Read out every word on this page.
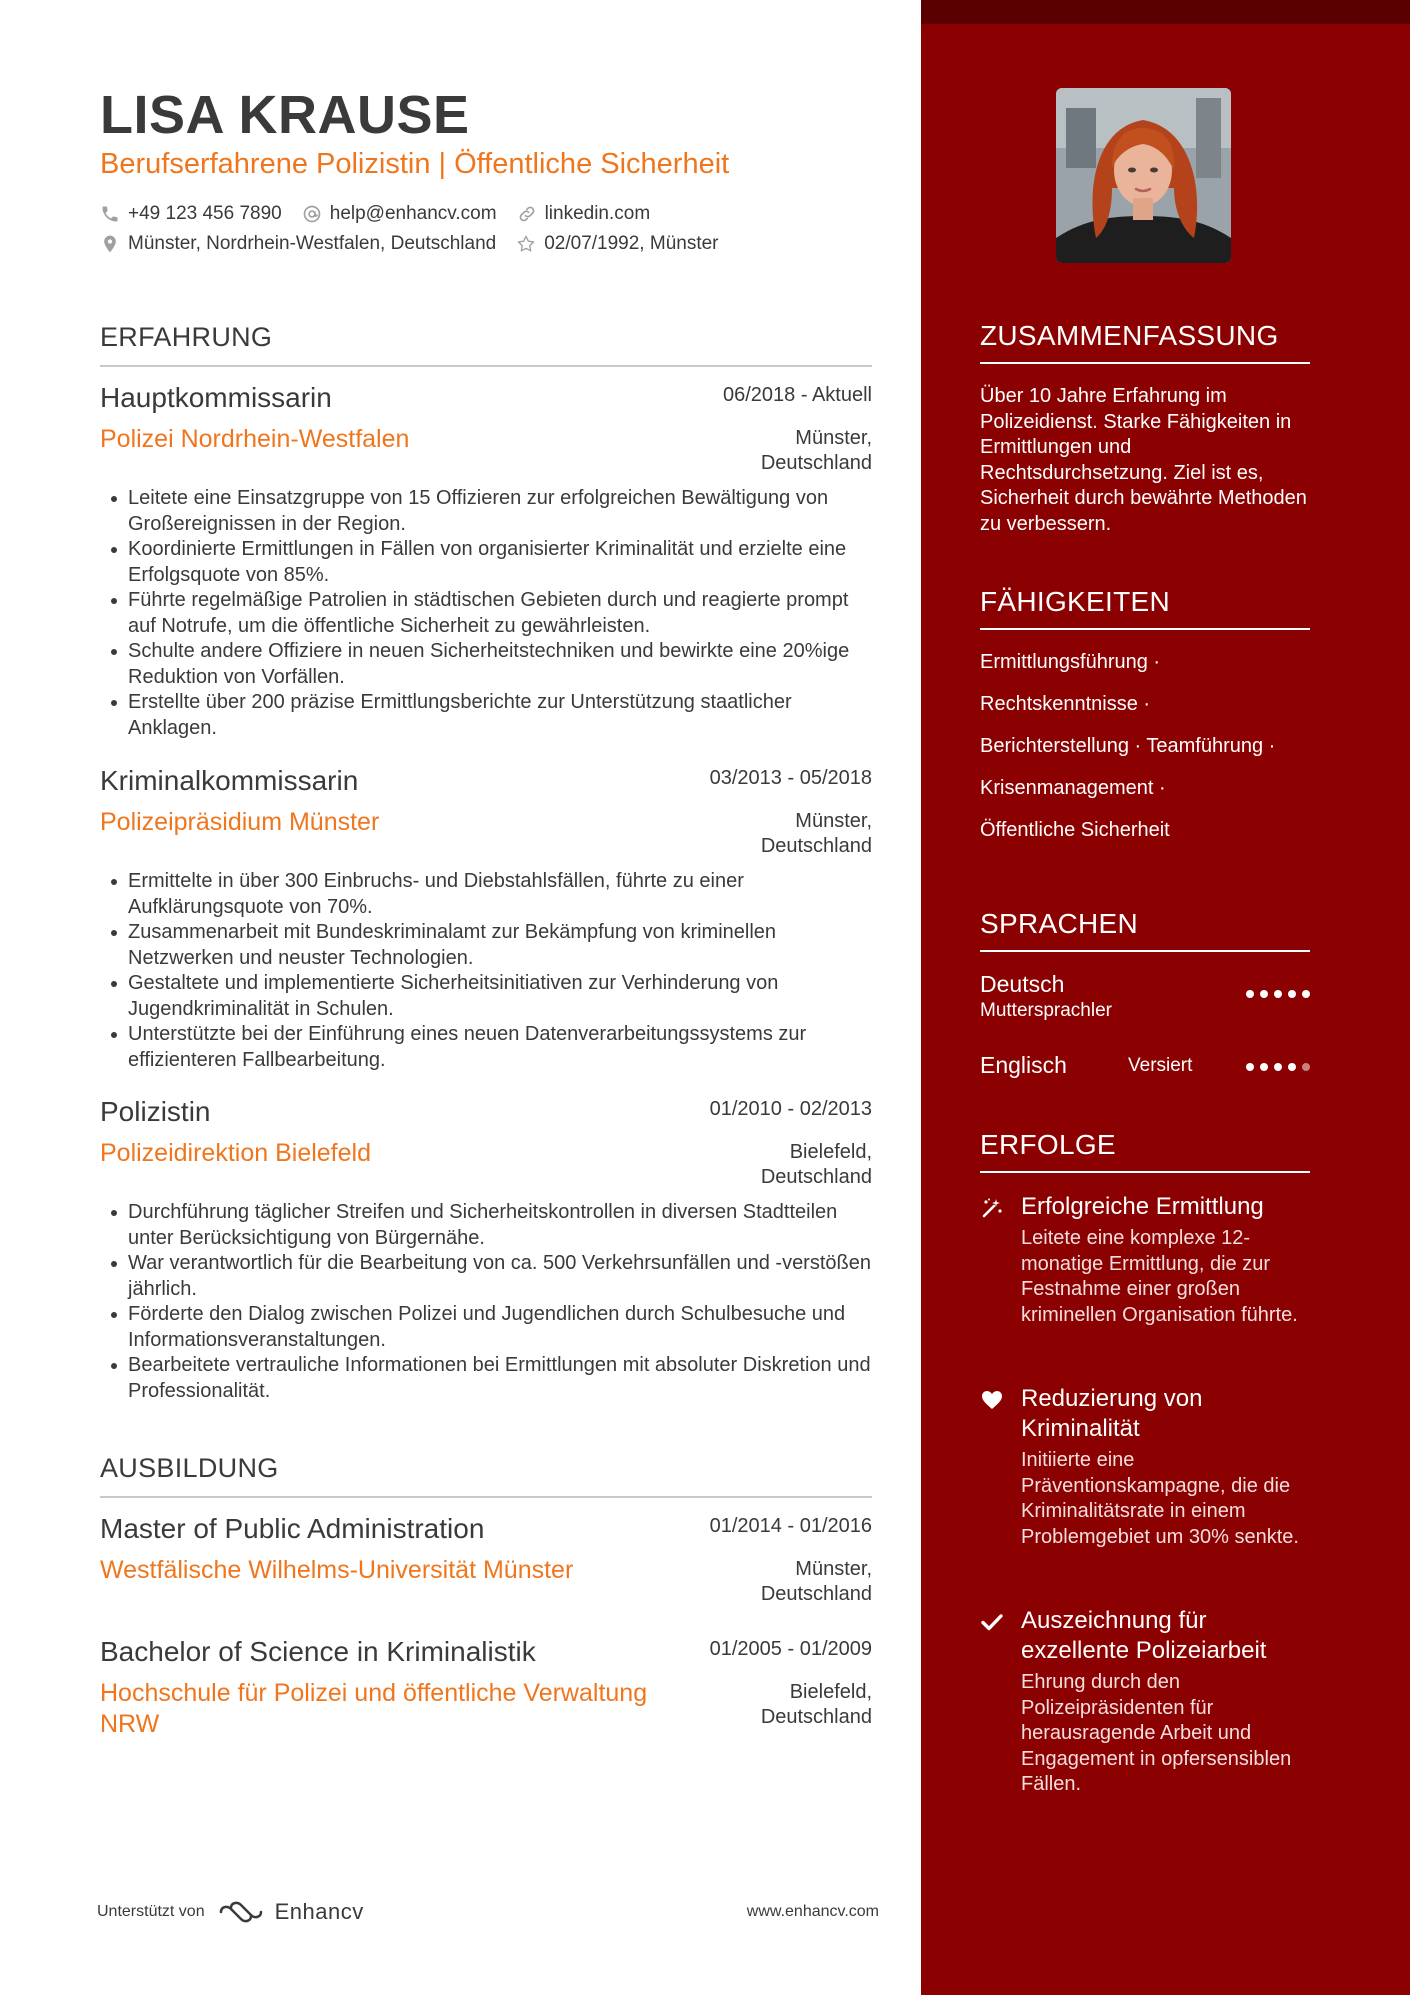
LISA KRAUSE
Berufserfahrene Polizistin | Öffentliche Sicherheit
+49 123 456 7890	help@enhancv.com	linkedin.com
Münster, Nordrhein-Westfalen, Deutschland	02/07/1992, Münster
ERFAHRUNG
Hauptkommissarin	06/2018 - Aktuell
Polizei Nordrhein-Westfalen	Münster,
Deutschland
Leitete eine Einsatzgruppe von 15 Offizieren zur erfolgreichen Bewältigung von Großereignissen in der Region.
Koordinierte Ermittlungen in Fällen von organisierter Kriminalität und erzielte eine Erfolgsquote von 85%.
Führte regelmäßige Patrolien in städtischen Gebieten durch und reagierte prompt auf Notrufe, um die öffentliche Sicherheit zu gewährleisten.
Schulte andere Offiziere in neuen Sicherheitstechniken und bewirkte eine 20%ige Reduktion von Vorfällen.
Erstellte über 200 präzise Ermittlungsberichte zur Unterstützung staatlicher Anklagen.
Kriminalkommissarin	03/2013 - 05/2018
Polizeipräsidium Münster	Münster,
Deutschland
Ermittelte in über 300 Einbruchs- und Diebstahlsfällen, führte zu einer Aufklärungsquote von 70%.
Zusammenarbeit mit Bundeskriminalamt zur Bekämpfung von kriminellen Netzwerken und neuster Technologien.
Gestaltete und implementierte Sicherheitsinitiativen zur Verhinderung von Jugendkriminalität in Schulen.
Unterstützte bei der Einführung eines neuen Datenverarbeitungssystems zur effizienteren Fallbearbeitung.
Polizistin	01/2010 - 02/2013
Polizeidirektion Bielefeld	Bielefeld,
Deutschland
Durchführung täglicher Streifen und Sicherheitskontrollen in diversen Stadtteilen unter Berücksichtigung von Bürgernähe.
War verantwortlich für die Bearbeitung von ca. 500 Verkehrsunfällen und -verstößen jährlich.
Förderte den Dialog zwischen Polizei und Jugendlichen durch Schulbesuche und Informationsveranstaltungen.
Bearbeitete vertrauliche Informationen bei Ermittlungen mit absoluter Diskretion und Professionalität.
AUSBILDUNG
Master of Public Administration	01/2014 - 01/2016
Westfälische Wilhelms-Universität Münster	Münster,
Deutschland
Bachelor of Science in Kriminalistik	01/2005 - 01/2009
Hochschule für Polizei und öffentliche Verwaltung NRW
Bielefeld,
Deutschland
Unterstützt von	Enhancv	www.enhancv.com
ZUSAMMENFASSUNG
Über 10 Jahre Erfahrung im Polizeidienst. Starke Fähigkeiten in Ermittlungen und Rechtsdurchsetzung. Ziel ist es, Sicherheit durch bewährte Methoden zu verbessern.
FÄHIGKEITEN
Ermittlungsführung ·
Rechtskenntnisse ·
Berichterstellung · Teamführung ·
Krisenmanagement ·
Öffentliche Sicherheit
SPRACHEN
Deutsch
Muttersprachler
Englisch	Versiert
ERFOLGE
Erfolgreiche Ermittlung
Leitete eine komplexe 12-monatige Ermittlung, die zur Festnahme einer großen kriminellen Organisation führte.
Reduzierung von Kriminalität
Initiierte eine Präventionskampagne, die die Kriminalitätsrate in einem Problemgebiet um 30% senkte.
Auszeichnung für exzellente Polizeiarbeit
Ehrung durch den Polizeipräsidenten für herausragende Arbeit und Engagement in opfersensiblen Fällen.
